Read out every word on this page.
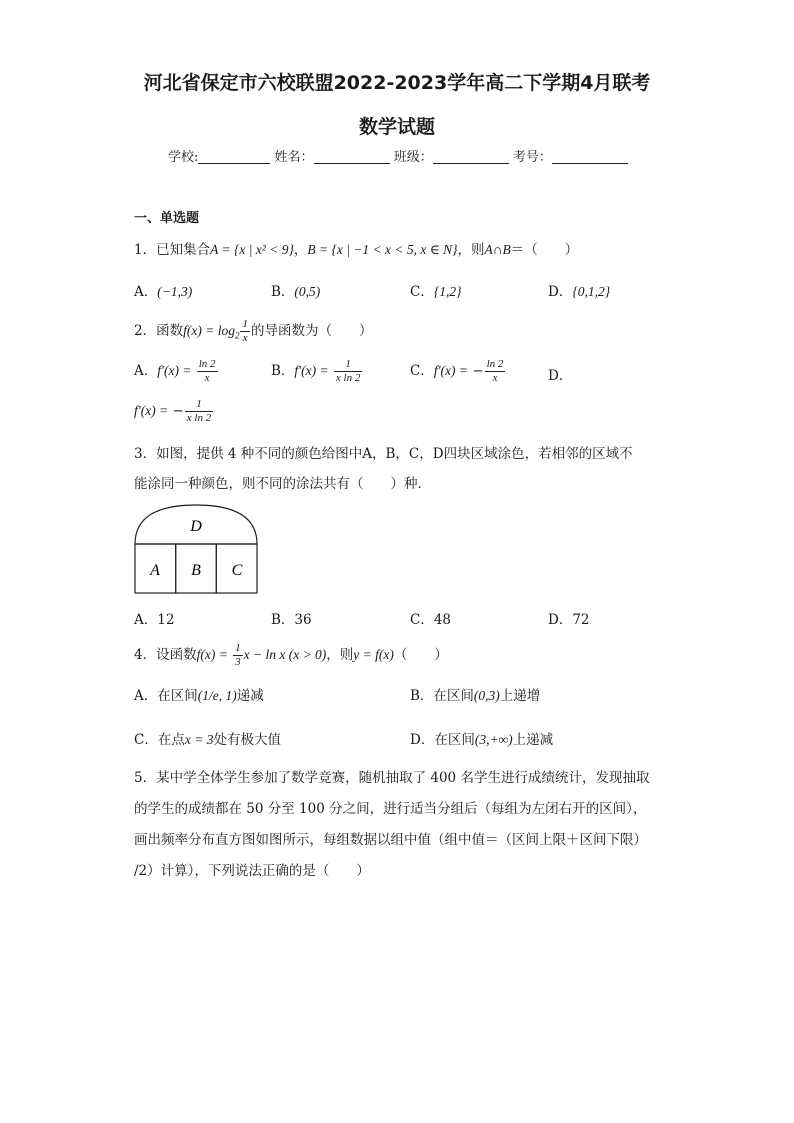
河北省保定市六校联盟2022-2023学年高二下学期4月联考
数学试题
学校:	姓名：	班级：	考号：
一、单选题
1．已知集合A = {x | x² < 9}，B = {x | −1 < x < 5, x ∈ N}，则A∩B＝（　　）
A．(−1,3)	B．(0,5)	C．{1,2}	D．{0,1,2}
2．函数$f(x) = \log_2 \frac{1}{x}$ 的导函数为（　　）
A．$f'(x) = \frac{\ln 2}{x}$	B．$f'(x) = \frac{1}{\text{x ln 2}}$	C．f′(x) = − $\frac{\ln 2}{x}$	D．
f′(x) = − $\frac{1}{\text{x ln 2}}$
3．如图，提供 4 种不同的颜色给图中A，B，C，D四块区域涂色，若相邻的区域不
能涂同一种颜色，则不同的涂法共有（　　）种．
D
A B C
A．12	B．36	C．48	D．72
4．设函数$f(x) = \frac{1}{3}$ x − ln x (x > 0)，则y = f(x)（　　）
A．在区间(1/e, 1)递减	B．在区间(0,3)上递增
C．在点x = 3处有极大值	D．在区间(3,+∞)上递减
5．某中学全体学生参加了数学竞赛，随机抽取了 400 名学生进行成绩统计，发现抽取
的学生的成绩都在 50 分至 100 分之间，进行适当分组后（每组为左闭右开的区间），
画出频率分布直方图如图所示，每组数据以组中值（组中值＝（区间上限＋区间下限）
/2）计算），下列说法正确的是（　　）
